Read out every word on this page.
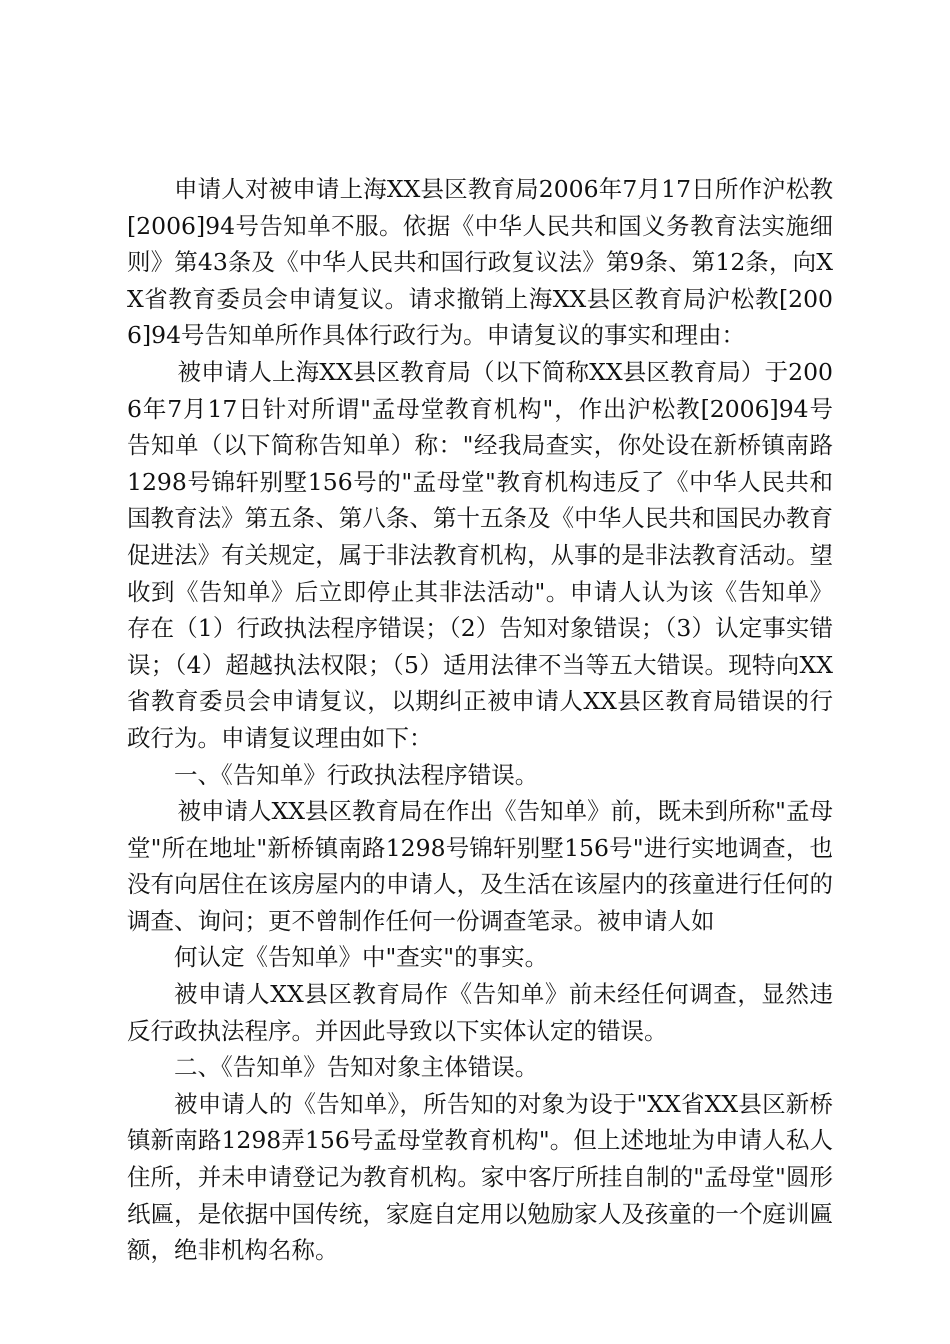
申请人对被申请上海XX县区教育局2006年7月17日所作沪松教[2006]94号告知单不服。依据《中华人民共和国义务教育法实施细则》第43条及《中华人民共和国行政复议法》第9条、第12条，向XX省教育委员会申请复议。请求撤销上海XX县区教育局沪松教[2006]94号告知单所作具体行政行为。申请复议的事实和理由：

被申请人上海XX县区教育局（以下简称XX县区教育局）于2006年7月17日针对所谓"孟母堂教育机构"，作出沪松教[2006]94号告知单（以下简称告知单）称："经我局查实，你处设在新桥镇南路1298号锦轩别墅156号的"孟母堂"教育机构违反了《中华人民共和国教育法》第五条、第八条、第十五条及《中华人民共和国民办教育促进法》有关规定，属于非法教育机构，从事的是非法教育活动。望收到《告知单》后立即停止其非法活动"。申请人认为该《告知单》存在（1）行政执法程序错误；（2）告知对象错误；（3）认定事实错误；（4）超越执法权限；（5）适用法律不当等五大错误。现特向XX省教育委员会申请复议，以期纠正被申请人XX县区教育局错误的行政行为。申请复议理由如下：

一、《告知单》行政执法程序错误。

被申请人XX县区教育局在作出《告知单》前，既未到所称"孟母堂"所在地址"新桥镇南路1298号锦轩别墅156号"进行实地调查，也没有向居住在该房屋内的申请人，及生活在该屋内的孩童进行任何的调查、询问；更不曾制作任何一份调查笔录。被申请人如

何认定《告知单》中"查实"的事实。

被申请人XX县区教育局作《告知单》前未经任何调查，显然违反行政执法程序。并因此导致以下实体认定的错误。

二、《告知单》告知对象主体错误。

被申请人的《告知单》，所告知的对象为设于"XX省XX县区新桥镇新南路1298弄156号孟母堂教育机构"。但上述地址为申请人私人住所，并未申请登记为教育机构。家中客厅所挂自制的"孟母堂"圆形纸匾，是依据中国传统，家庭自定用以勉励家人及孩童的一个庭训匾额，绝非机构名称。
